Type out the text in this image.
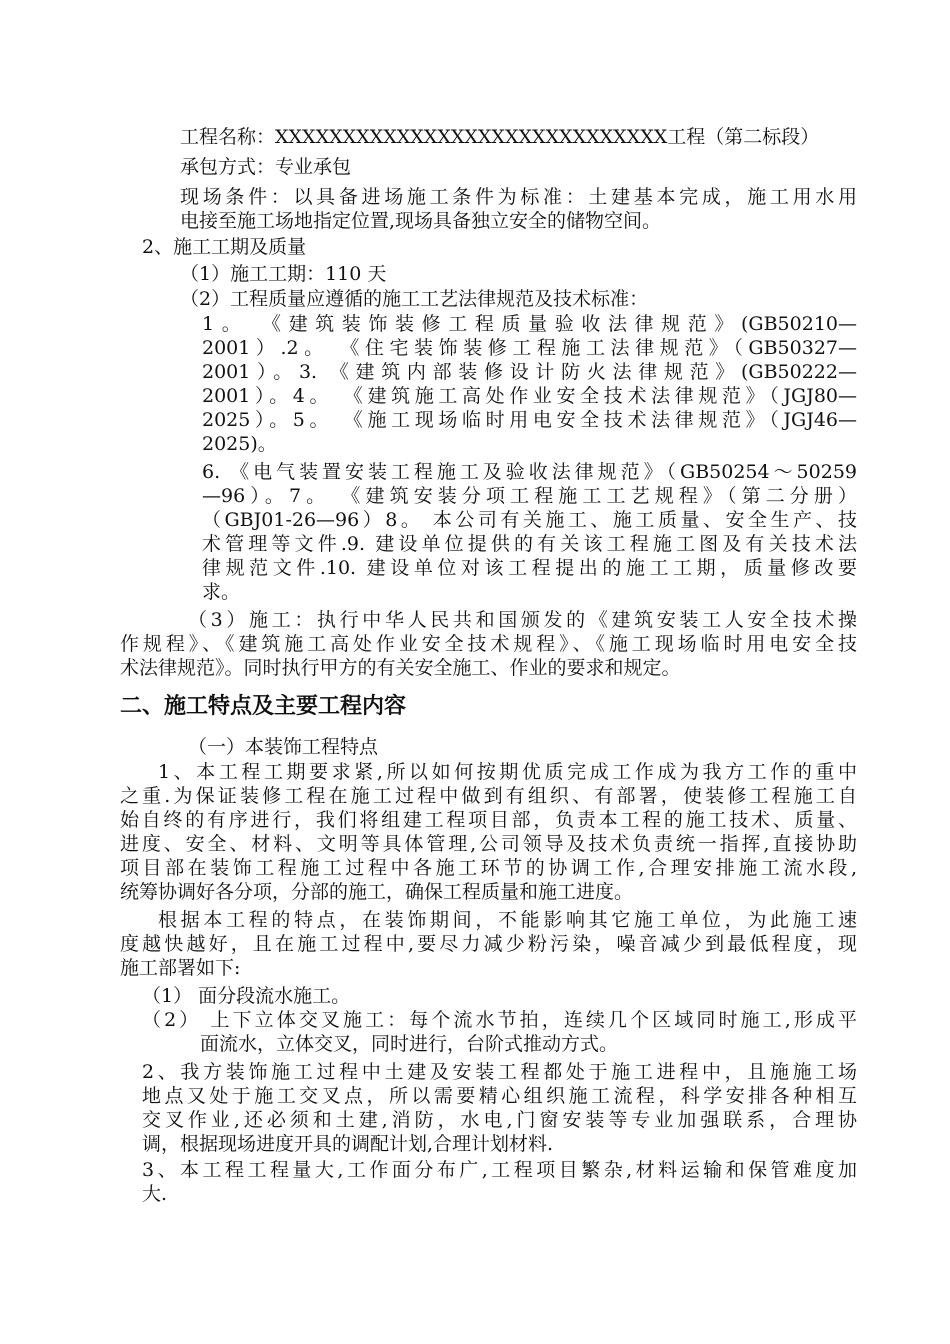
工程名称：XXXXXXXXXXXXXXXXXXXXXXXXXXXXX工程（第二标段）

承包方式：专业承包

现场条件：以具备进场施工条件为标准：土建基本完成，施工用水用

电接至施工场地指定位置,现场具备独立安全的储物空间。

2、施工工期及质量

（1）施工工期：110 天

（2）工程质量应遵循的施工工艺法律规范及技术标准：

1。 《建筑装饰装修工程质量验收法律规范》(GB50210—

2001）.2。 《住宅装饰装修工程施工法律规范》（GB50327—

2001）。3. 《建筑内部装修设计防火法律规范》(GB50222—

2001）。4。 《建筑施工高处作业安全技术法律规范》（JGJ80—

2025）。5。 《施工现场临时用电安全技术法律规范》（JGJ46—

2025)。

6. 《电气装置安装工程施工及验收法律规范》（GB50254～50259

—96）。7。 《建筑安装分项工程施工工艺规程》（第二分册）

（GBJ01-26—96）8。 本公司有关施工、施工质量、安全生产、技

术管理等文件.9. 建设单位提供的有关该工程施工图及有关技术法

律规范文件.10. 建设单位对该工程提出的施工工期，质量修改要

求。

（3）施工：执行中华人民共和国颁发的《建筑安装工人安全技术操

作规程》、《建筑施工高处作业安全技术规程》、《施工现场临时用电安全技

术法律规范》。同时执行甲方的有关安全施工、作业的要求和规定。

二、施工特点及主要工程内容

（一）本装饰工程特点

1、本工程工期要求紧,所以如何按期优质完成工作成为我方工作的重中

之重.为保证装修工程在施工过程中做到有组织、有部署，使装修工程施工自

始自终的有序进行，我们将组建工程项目部，负责本工程的施工技术、质量、

进度、安全、材料、文明等具体管理,公司领导及技术负责统一指挥,直接协助

项目部在装饰工程施工过程中各施工环节的协调工作,合理安排施工流水段,

统筹协调好各分项，分部的施工，确保工程质量和施工进度。

根据本工程的特点，在装饰期间，不能影响其它施工单位，为此施工速

度越快越好，且在施工过程中,要尽力减少粉污染，噪音减少到最低程度，现

施工部署如下:

（1） 面分段流水施工。

（2） 上下立体交叉施工：每个流水节拍，连续几个区域同时施工,形成平

面流水，立体交叉，同时进行，台阶式推动方式。

2、我方装饰施工过程中土建及安装工程都处于施工进程中，且施施工场

地点又处于施工交叉点，所以需要精心组织施工流程，科学安排各种相互

交叉作业,还必须和土建,消防，水电,门窗安装等专业加强联系，合理协

调，根据现场进度开具的调配计划,合理计划材料.

3、本工程工程量大,工作面分布广,工程项目繁杂,材料运输和保管难度加

大.
